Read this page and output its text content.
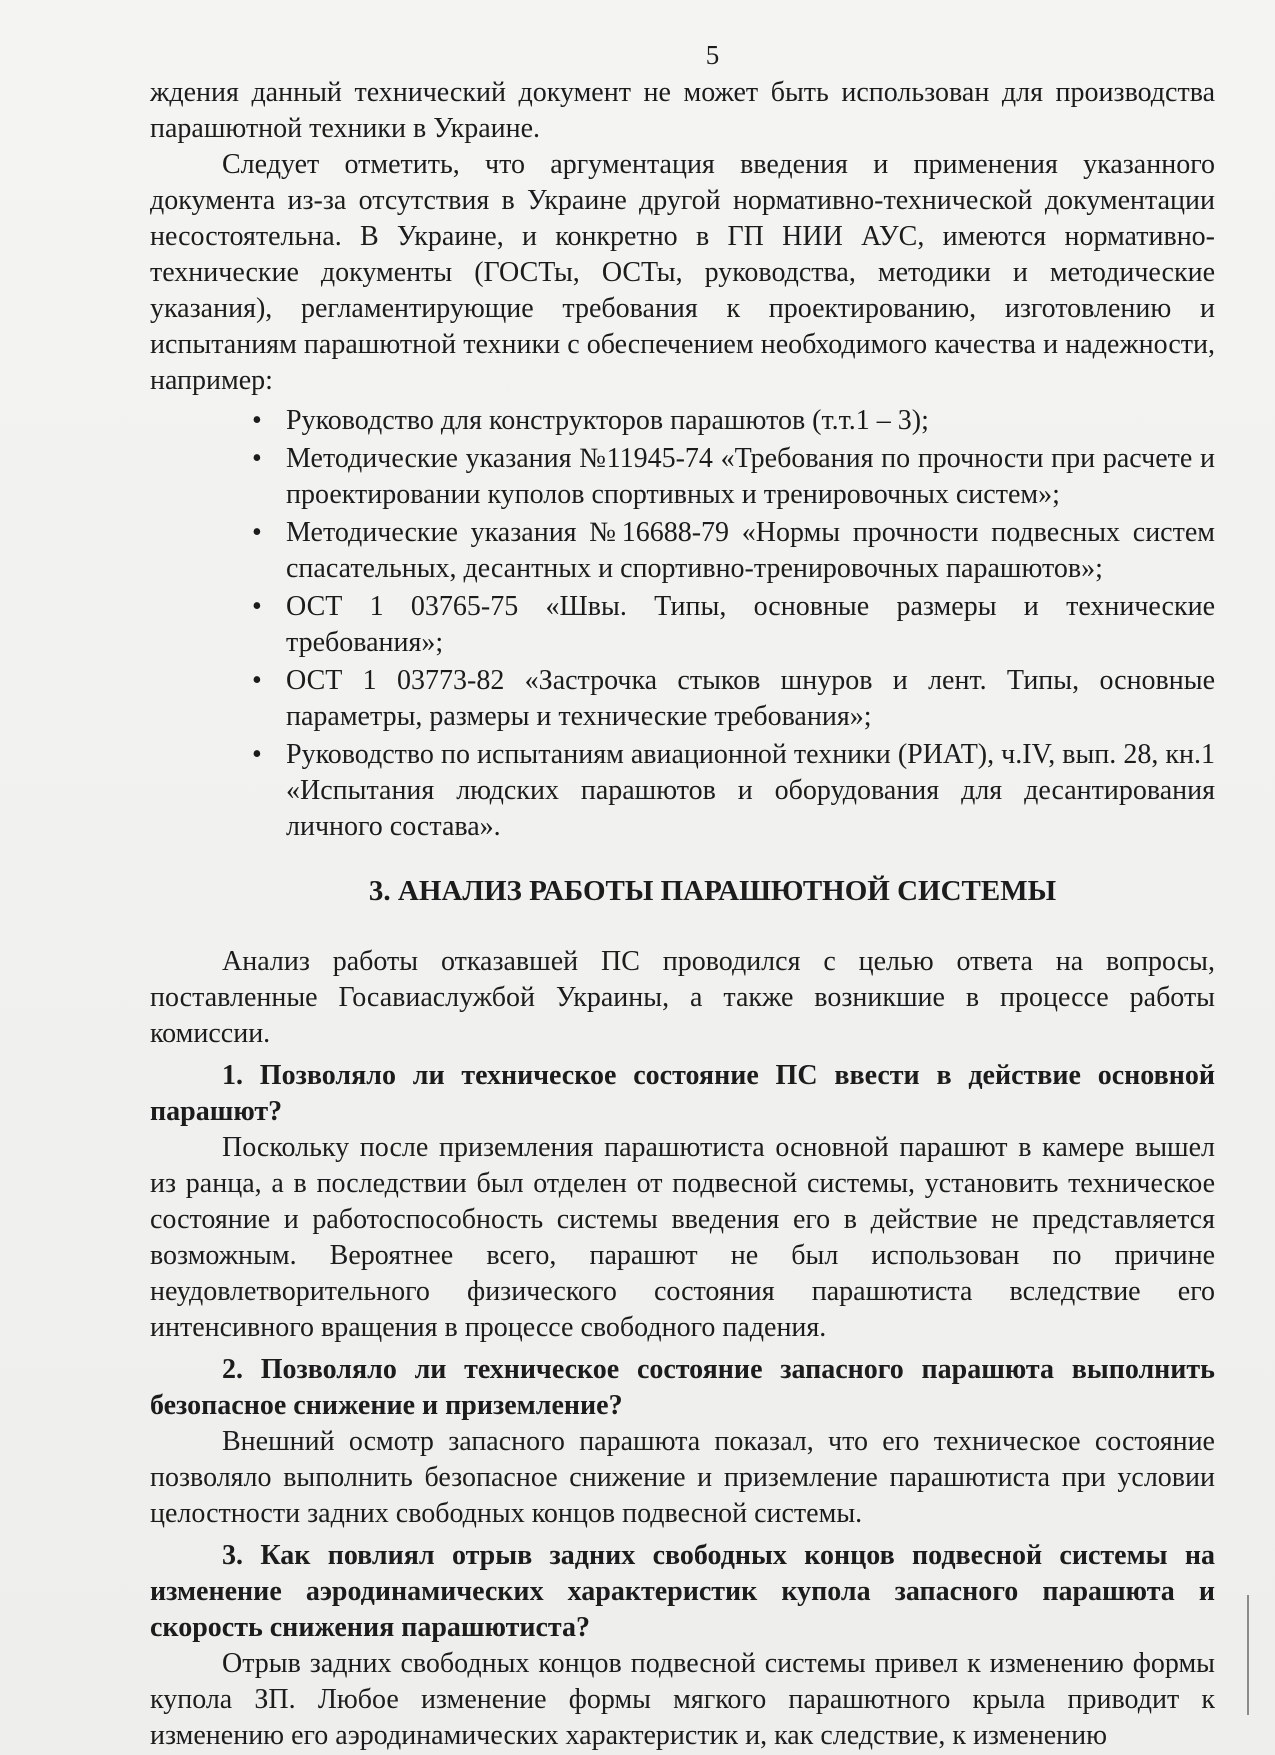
5

ждения данный технический документ не может быть использован для производства парашютной техники в Украине.

Следует отметить, что аргументация введения и применения указанного документа из-за отсутствия в Украине другой нормативно-технической документации несостоятельна. В Украине, и конкретно в ГП НИИ АУС, имеются нормативно- технические документы (ГОСТы, ОСТы, руководства, методики и методические указания), регламентирующие требования к проектированию, изготовлению и испытаниям парашютной техники с обеспечением необходимого качества и надежности, например:

• Руководство для конструкторов парашютов (т.т.1 – 3);
• Методические указания №11945-74 «Требования по прочности при расчете и проектировании куполов спортивных и тренировочных систем»;
• Методические указания №16688-79 «Нормы прочности подвесных систем спасательных, десантных и спортивно-тренировочных парашютов»;
• ОСТ 1 03765-75 «Швы. Типы, основные размеры и технические требования»;
• ОСТ 1 03773-82 «Застрочка стыков шнуров и лент. Типы, основные параметры, размеры и технические требования»;
• Руководство по испытаниям авиационной техники (РИАТ), ч.IV, вып. 28, кн.1 «Испытания людских парашютов и оборудования для десантирования личного состава».
3. АНАЛИЗ РАБОТЫ ПАРАШЮТНОЙ СИСТЕМЫ

Анализ работы отказавшей ПС проводился с целью ответа на вопросы, поставленные Госавиаслужбой Украины, а также возникшие в процессе работы комиссии.

1. Позволяло ли техническое состояние ПС ввести в действие основной парашют?

Поскольку после приземления парашютиста основной парашют в камере вышел из ранца, а в последствии был отделен от подвесной системы, установить техническое состояние и работоспособность системы введения его в действие не представляется возможным. Вероятнее всего, парашют не был использован по причине неудовлетворительного физического состояния парашютиста вследствие его интенсивного вращения в процессе свободного падения.

2. Позволяло ли техническое состояние запасного парашюта выполнить безопасное снижение и приземление?

Внешний осмотр запасного парашюта показал, что его техническое состояние позволяло выполнить безопасное снижение и приземление парашютиста при условии целостности задних свободных концов подвесной системы.

3. Как повлиял отрыв задних свободных концов подвесной системы на изменение аэродинамических характеристик купола запасного парашюта и скорость снижения парашютиста?

Отрыв задних свободных концов подвесной системы привел к изменению формы купола ЗП. Любое изменение формы мягкого парашютного крыла приводит к изменению его аэродинамических характеристик и, как следствие, к изменению
